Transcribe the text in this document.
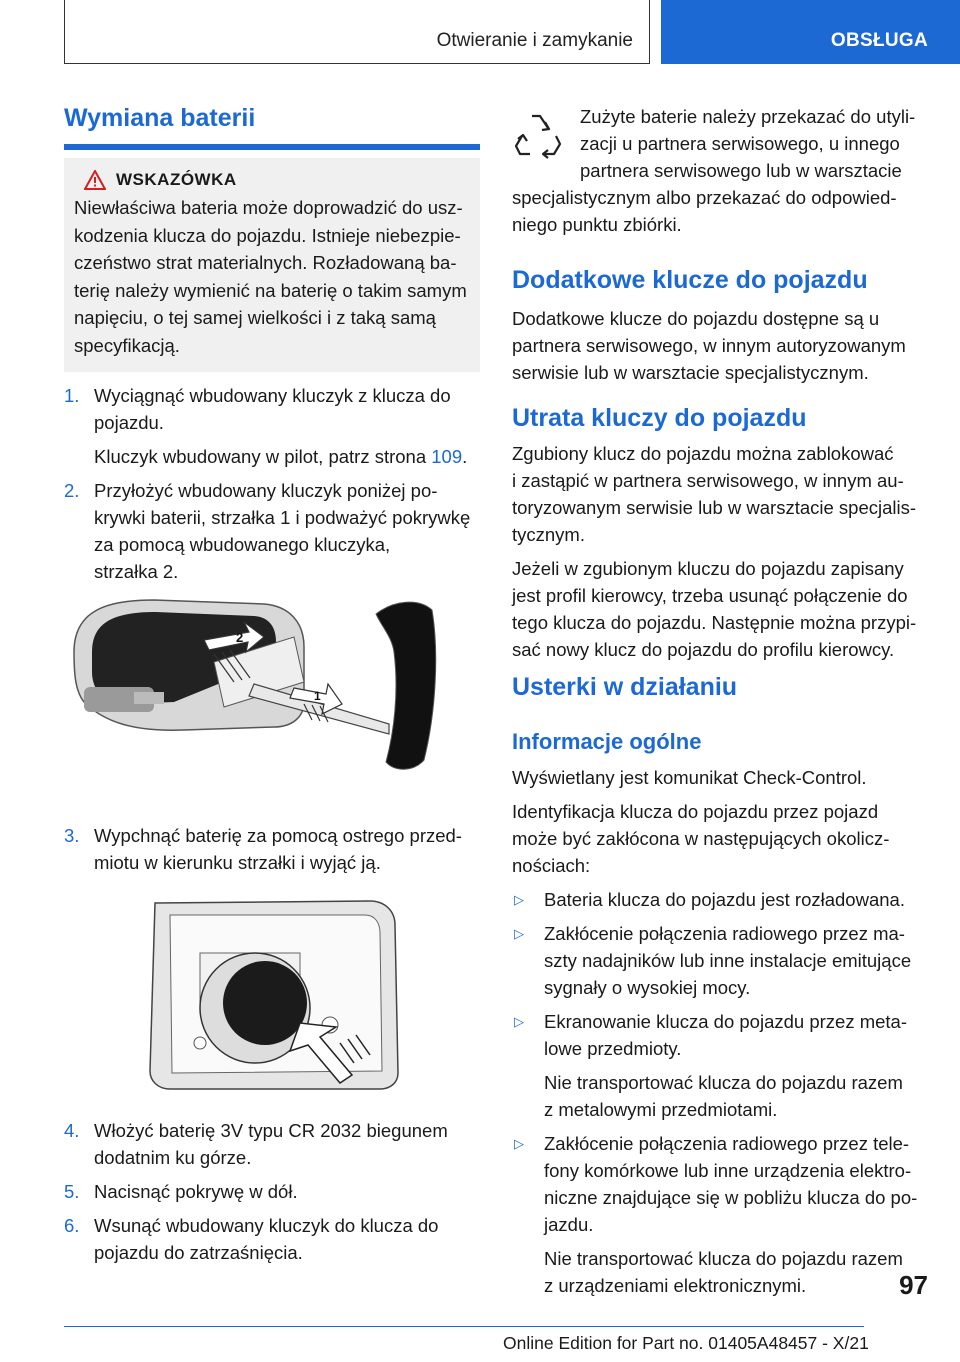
Otwieranie i zamykanie	OBSŁUGA
Wymiana baterii
WSKAZÓWKA
Niewłaściwa bateria może doprowadzić do usz-
kodzenia klucza do pojazdu. Istnieje niebezpie-
czeństwo strat materialnych. Rozładowaną ba-
terię należy wymienić na baterię o takim samym
napięciu, o tej samej wielkości i z taką samą
specyfikacją.
1. Wyciągnąć wbudowany kluczyk z klucza do
pojazdu.
Kluczyk wbudowany w pilot, patrz strona 109.
2. Przyłożyć wbudowany kluczyk poniżej po-
krywki baterii, strzałka 1 i podważyć pokrywkę
za pomocą wbudowanego kluczyka,
strzałka 2.
2
1
3. Wypchnąć baterię za pomocą ostrego przed-
miotu w kierunku strzałki i wyjąć ją.
4. Włożyć baterię 3V typu CR 2032 biegunem
dodatnim ku górze.
5. Nacisnąć pokrywę w dół.
6. Wsunąć wbudowany kluczyk do klucza do
pojazdu do zatrzaśnięcia.
Zużyte baterie należy przekazać do utyli-
zacji u partnera serwisowego, u innego
partnera serwisowego lub w warsztacie
specjalistycznym albo przekazać do odpowied-
niego punktu zbiórki.
Dodatkowe klucze do pojazdu
Dodatkowe klucze do pojazdu dostępne są u
partnera serwisowego, w innym autoryzowanym
serwisie lub w warsztacie specjalistycznym.
Utrata kluczy do pojazdu
Zgubiony klucz do pojazdu można zablokować
i zastąpić w partnera serwisowego, w innym au-
toryzowanym serwisie lub w warsztacie specjalis-
tycznym.
Jeżeli w zgubionym kluczu do pojazdu zapisany
jest profil kierowcy, trzeba usunąć połączenie do
tego klucza do pojazdu. Następnie można przypi-
sać nowy klucz do pojazdu do profilu kierowcy.
Usterki w działaniu
Informacje ogólne
Wyświetlany jest komunikat Check-Control.
Identyfikacja klucza do pojazdu przez pojazd
może być zakłócona w następujących okolicz-
nościach:
▷	Bateria klucza do pojazdu jest rozładowana.
▷	Zakłócenie połączenia radiowego przez ma-
szty nadajników lub inne instalacje emitujące
sygnały o wysokiej mocy.
▷	Ekranowanie klucza do pojazdu przez meta-
lowe przedmioty.
Nie transportować klucza do pojazdu razem
z metalowymi przedmiotami.
▷	Zakłócenie połączenia radiowego przez tele-
fony komórkowe lub inne urządzenia elektro-
niczne znajdujące się w pobliżu klucza do po-
jazdu.
Nie transportować klucza do pojazdu razem
z urządzeniami elektronicznymi.	97
Online Edition for Part no. 01405A48457 - X/21
